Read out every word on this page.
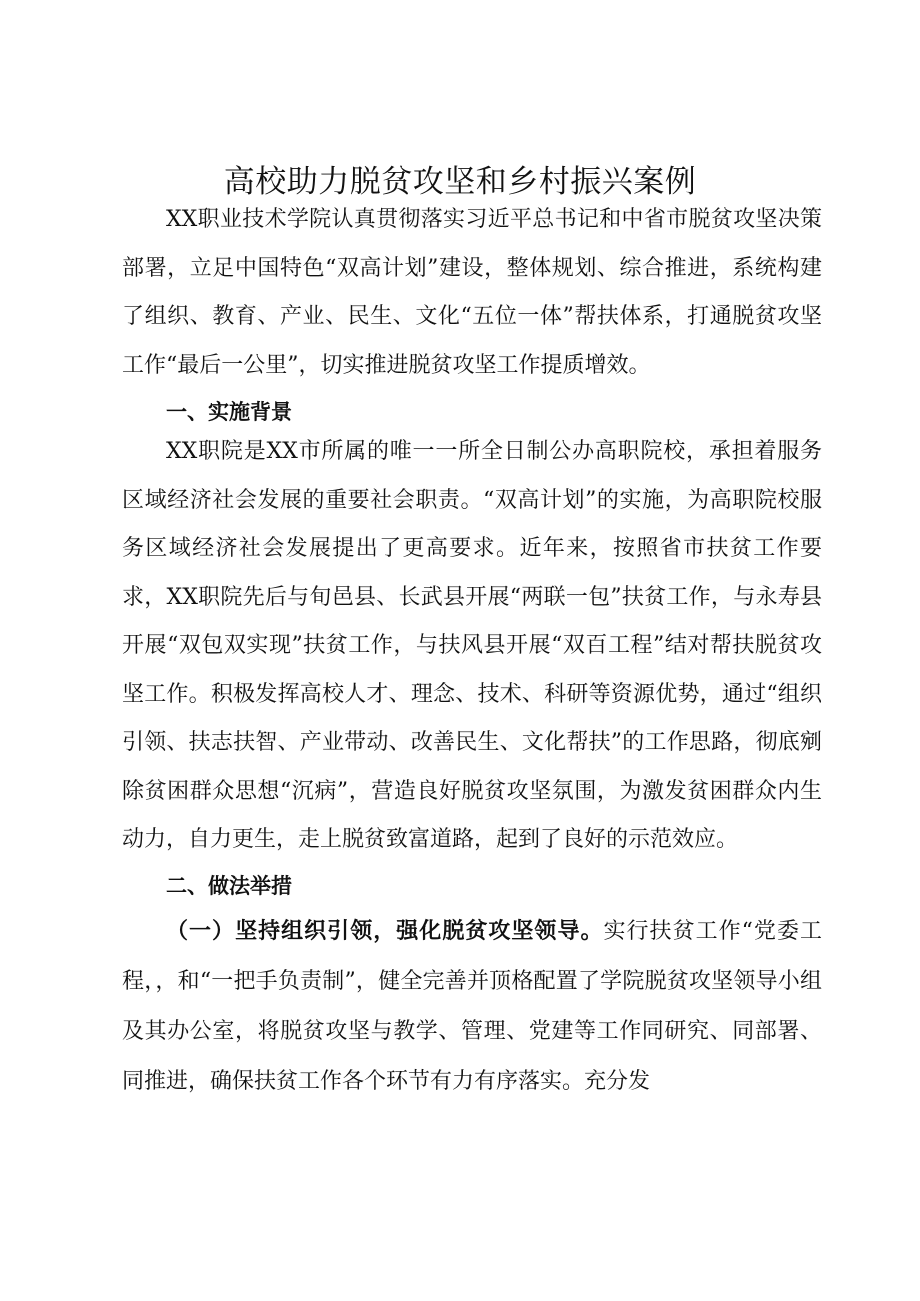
高校助力脱贫攻坚和乡村振兴案例

XX职业技术学院认真贯彻落实习近平总书记和中省市脱贫攻坚决策部署，立足中国特色“双高计划”建设，整体规划、综合推进，系统构建了组织、教育、产业、民生、文化“五位一体”帮扶体系，打通脱贫攻坚工作“最后一公里”，切实推进脱贫攻坚工作提质增效。

一、实施背景

XX职院是XX市所属的唯一一所全日制公办高职院校，承担着服务区域经济社会发展的重要社会职责。“双高计划”的实施，为高职院校服务区域经济社会发展提出了更高要求。近年来，按照省市扶贫工作要求，XX职院先后与旬邑县、长武县开展“两联一包”扶贫工作，与永寿县开展“双包双实现”扶贫工作，与扶风县开展“双百工程”结对帮扶脱贫攻坚工作。积极发挥高校人才、理念、技术、科研等资源优势，通过“组织引领、扶志扶智、产业带动、改善民生、文化帮扶”的工作思路，彻底剜除贫困群众思想“沉病”，营造良好脱贫攻坚氛围，为激发贫困群众内生动力，自力更生，走上脱贫致富道路，起到了良好的示范效应。

二、做法举措

（一）坚持组织引领，强化脱贫攻坚领导。实行扶贫工作“党委工程，，和“一把手负责制”，健全完善并顶格配置了学院脱贫攻坚领导小组及其办公室，将脱贫攻坚与教学、管理、党建等工作同研究、同部署、同推进，确保扶贫工作各个环节有力有序落实。充分发
